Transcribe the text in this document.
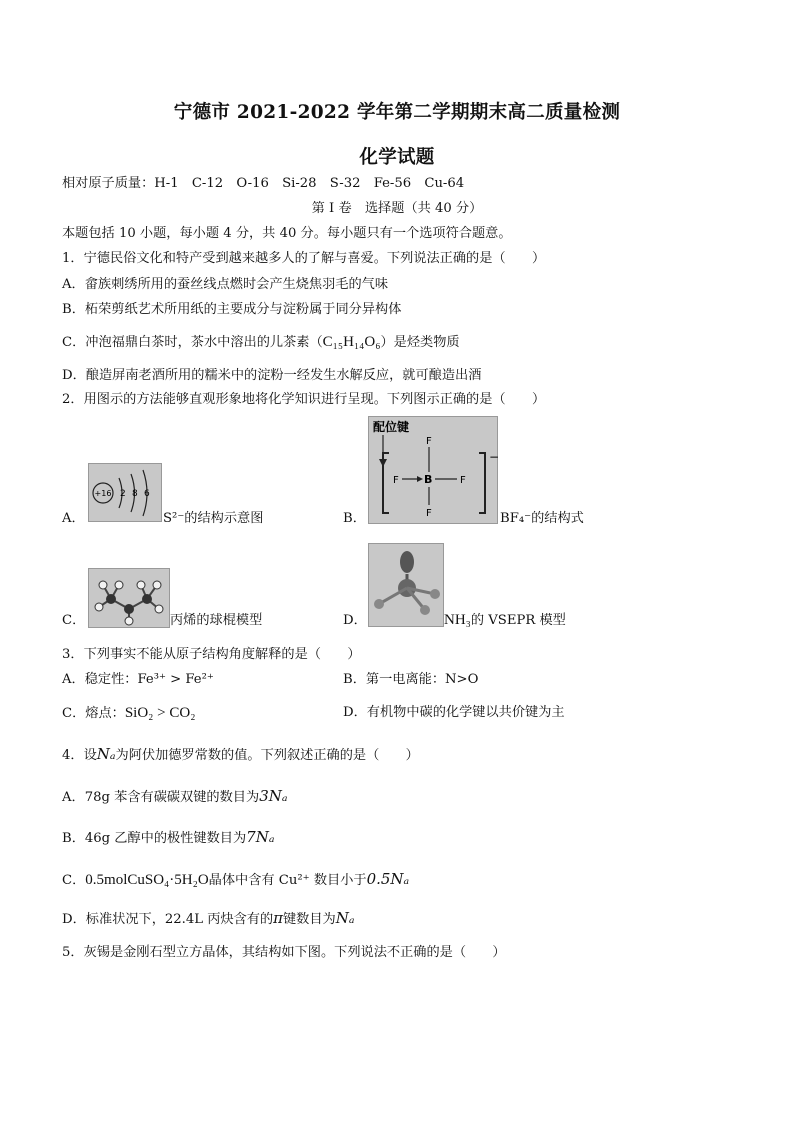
宁德市 2021-2022 学年第二学期期末高二质量检测
化学试题
相对原子质量：H-1　C-12　O-16　Si-28　S-32　Fe-56　Cu-64
第 I 卷　选择题（共 40 分）
本题包括 10 小题，每小题 4 分，共 40 分。每小题只有一个选项符合题意。
1．宁德民俗文化和特产受到越来越多人的了解与喜爱。下列说法正确的是（　　）
A．畲族刺绣所用的蚕丝线点燃时会产生烧焦羽毛的气味
B．柘荣剪纸艺术所用纸的主要成分与淀粉属于同分异构体
C．冲泡福鼎白茶时，茶水中溶出的儿茶素（C₁₅H₁₄O₆）是烃类物质
D．酿造屏南老酒所用的糯米中的淀粉一经发生水解反应，就可酿造出酒
2．用图示的方法能够直观形象地将化学知识进行呈现。下列图示正确的是（　　）
A．
+16 2 8 6
S²⁻的结构示意图	B．
配位键
−
F
F B	F
F	BF₄⁻的结构式
C．	丙烯的球棍模型	D．	NH₃的 VSEPR 模型
3．下列事实不能从原子结构角度解释的是（　　）
A．稳定性：Fe³⁺ > Fe²⁺	B．第一电离能：N>O
C．熔点：SiO₂ > CO₂	D．有机物中碳的化学键以共价键为主
4．设Nₐ为阿伏加德罗常数的值。下列叙述正确的是（　　）
A．78g 苯含有碳碳双键的数目为3Nₐ
B．46g 乙醇中的极性键数目为7Nₐ
C．0.5molCuSO₄·5H₂O晶体中含有 Cu²⁺ 数目小于0.5Nₐ
D．标准状况下，22.4L 丙炔含有的π键数目为Nₐ
5．灰锡是金刚石型立方晶体，其结构如下图。下列说法不正确的是（　　）
